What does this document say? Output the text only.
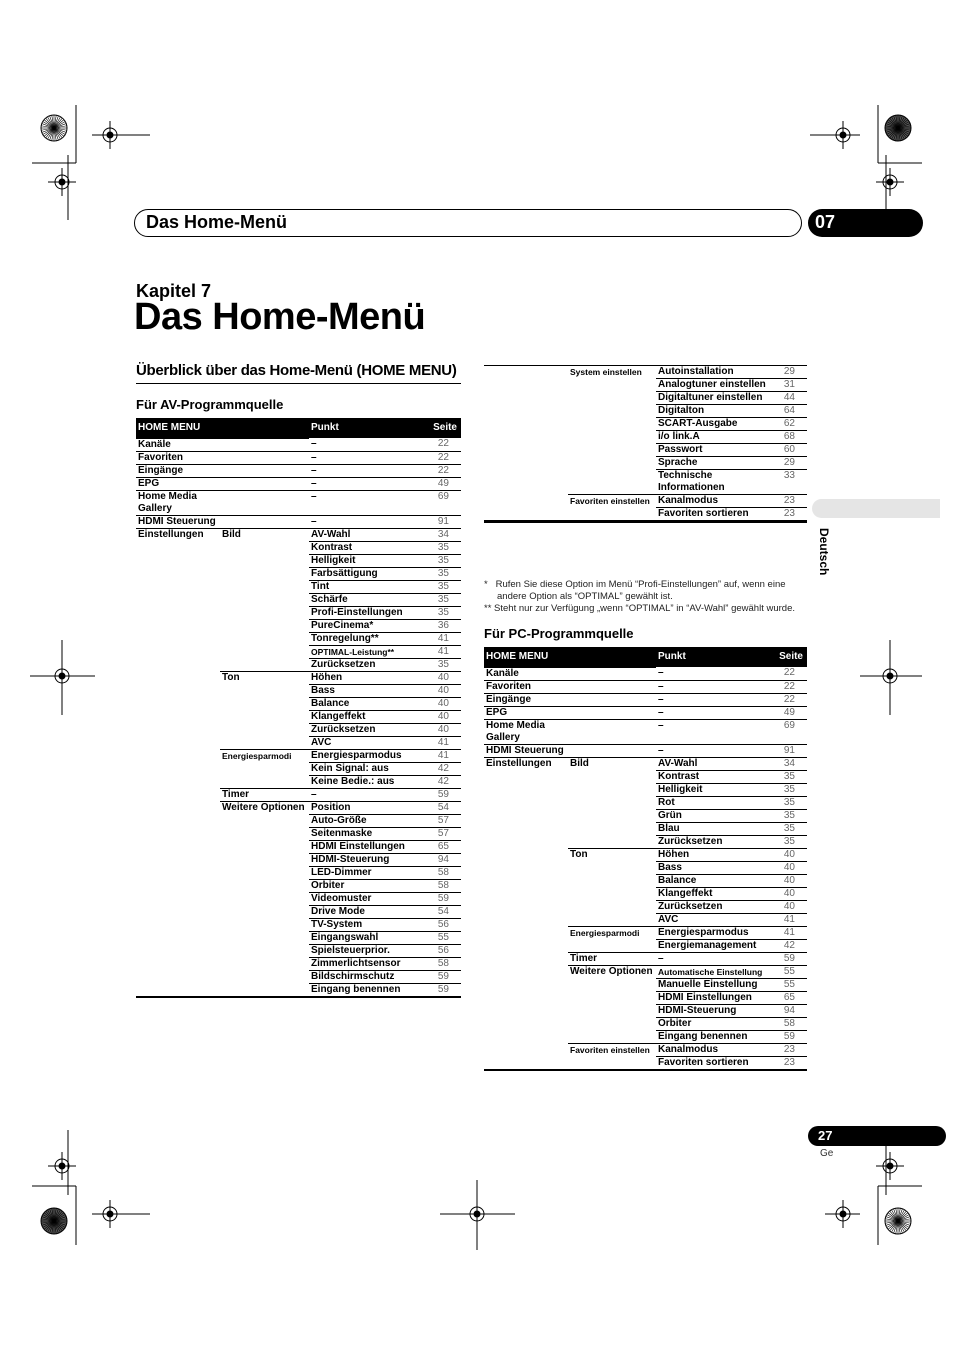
Das Home-Menü	07
Kapitel 7
Das Home-Menü
Überblick über das Home-Menü (HOME MENU)
Für AV-Programmquelle
HOME MENU		Punkt	Seite
Kanäle		–	22
Favoriten		–	22
Eingänge		–	22
EPG		–	49
Home Media Gallery		–	69
HDMI Steuerung		–	91
Einstellungen	Bild	AV-Wahl	34
		Kontrast	35
		Helligkeit	35
		Farbsättigung	35
		Tint	35
		Schärfe	35
		Profi-Einstellungen	35
		PureCinema*	36
		Tonregelung**	41
		OPTIMAL-Leistung**	41
		Zurücksetzen	35
	Ton	Höhen	40
		Bass	40
		Balance	40
		Klangeffekt	40
		Zurücksetzen	40
		AVC	41
	Energiesparmodi	Energiesparmodus	41
		Kein Signal: aus	42
		Keine Bedie.: aus	42
	Timer	–	59
	Weitere Optionen	Position	54
		Auto-Größe	57
		Seitenmaske	57
		HDMI Einstellungen	65
		HDMI-Steuerung	94
		LED-Dimmer	58
		Orbiter	58
		Videomuster	59
		Drive Mode	54
		TV-System	56
		Eingangswahl	55
		Spielsteuerprior.	56
		Zimmerlichtsensor	58
		Bildschirmschutz	59
		Eingang benennen	59
	System einstellen	Autoinstallation	29
		Analogtuner einstellen	31
		Digitaltuner einstellen	44
		Digitalton	64
		SCART-Ausgabe	62
		i/o link.A	68
		Passwort	60
		Sprache	29
		Technische Informationen	33
	Favoriten einstellen	Kanalmodus	23
		Favoriten sortieren	23
*   Rufen Sie diese Option im Menü “Profi-Einstellungen” auf, wenn eine andere Option als “OPTIMAL” gewählt ist.
** Steht nur zur Verfügung „wenn “OPTIMAL” in “AV-Wahl” gewählt wurde.
Für PC-Programmquelle
HOME MENU		Punkt	Seite
Kanäle		–	22
Favoriten		–	22
Eingänge		–	22
EPG		–	49
Home Media Gallery		–	69
HDMI Steuerung		–	91
Einstellungen	Bild	AV-Wahl	34
		Kontrast	35
		Helligkeit	35
		Rot	35
		Grün	35
		Blau	35
		Zurücksetzen	35
	Ton	Höhen	40
		Bass	40
		Balance	40
		Klangeffekt	40
		Zurücksetzen	40
		AVC	41
	Energiesparmodi	Energiesparmodus	41
		Energiemanagement	42
	Timer	–	59
	Weitere Optionen	Automatische Einstellung	55
		Manuelle Einstellung	55
		HDMI Einstellungen	65
		HDMI-Steuerung	94
		Orbiter	58
		Eingang benennen	59
	Favoriten einstellen	Kanalmodus	23
		Favoriten sortieren	23
Deutsch
27
Ge
